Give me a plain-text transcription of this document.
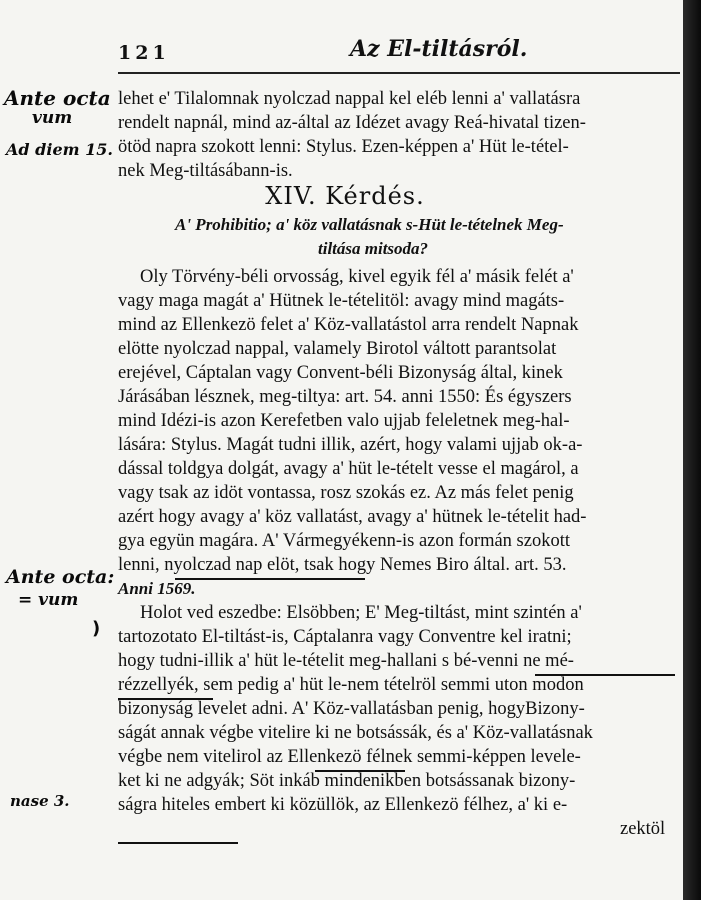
121	Az El-tiltásról.
lehet e' Tilalomnak nyolczad nappal kel eléb lenni a' vallatásra
rendelt napnál, mind az-által az Idézet avagy Reá-hivatal tizen-
ötöd napra szokott lenni: Stylus. Ezen-képpen a' Hüt le-tétel-
nek Meg-tiltásábann-is.
XIV. Kérdés.
A' Prohibitio; a' köz vallatásnak s-Hüt le-tételnek Meg-
tiltása mitsoda?
Oly Törvény-béli orvosság, kivel egyik fél a' másik felét a'
vagy maga magát a' Hütnek le-tételitöl: avagy mind magáts-
mind az Ellenkezö felet a' Köz-vallatástol arra rendelt Napnak
elötte nyolczad nappal, valamely Birotol váltott parantsolat
erejével, Cáptalan vagy Convent-béli Bizonyság által, kinek
Járásában lésznek, meg-tiltya: art. 54. anni 1550: És égyszers
mind Idézi-is azon Kerefetben valo ujjab feleletnek meg-hal-
lására: Stylus. Magát tudni illik, azért, hogy valami ujjab ok-a-
dással toldgya dolgát, avagy a' hüt le-tételt vesse el magárol, a
vagy tsak az idöt vontassa, rosz szokás ez. Az más felet penig
azért hogy avagy a' köz vallatást, avagy a' hütnek le-tételit had-
gya együn magára. A' Vármegyékenn-is azon formán szokott
lenni, nyolczad nap elöt, tsak hogy Nemes Biro által. art. 53.
Anni 1569.
Holot ved eszedbe: Elsöbben; E' Meg-tiltást, mint szintén a'
tartozotato El-tiltást-is, Cáptalanra vagy Conventre kel iratni;
hogy tudni-illik a' hüt le-tételit meg-hallani s bé-venni ne mé-
rézzellyék, sem pedig a' hüt le-nem tételröl semmi uton modon
bizonyság levelet adni. A' Köz-vallatásban penig, hogyBizony-
ságát annak végbe vitelire ki ne botsássák, és a' Köz-vallatásnak
végbe nem vitelirol az Ellenkezö félnek semmi-képpen levele-
ket ki ne adgyák; Söt inkáb mindenikben botsássanak bizony-
ságra hiteles embert ki közüllök, az Ellenkezö félhez, a' ki e-
zektöl
Ante octa
vum
Ad diem 15.
Ante octa:
= vum
)
nase 3.
